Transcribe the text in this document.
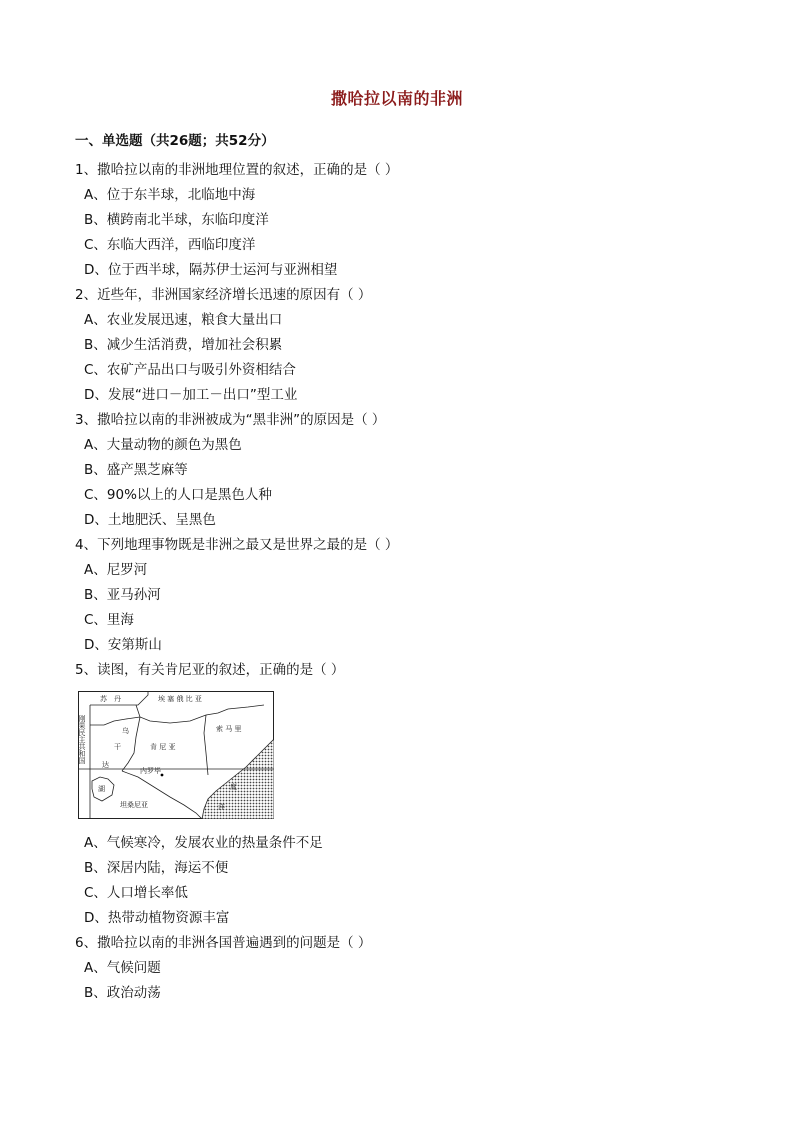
撒哈拉以南的非洲
一、单选题（共26题；共52分）
1、撒哈拉以南的非洲地理位置的叙述，正确的是（ ）
A、位于东半球，北临地中海
B、横跨南北半球，东临印度洋
C、东临大西洋，西临印度洋
D、位于西半球，隔苏伊士运河与亚洲相望
2、近些年，非洲国家经济增长迅速的原因有（ ）
A、农业发展迅速，粮食大量出口
B、减少生活消费，增加社会积累
C、农矿产品出口与吸引外资相结合
D、发展“进口－加工－出口”型工业
3、撒哈拉以南的非洲被成为“黑非洲”的原因是（ ）
A、大量动物的颜色为黑色
B、盛产黑芝麻等
C、90%以上的人口是黑色人种
D、土地肥沃、呈黑色
4、下列地理事物既是非洲之最又是世界之最的是（ ）
A、尼罗河
B、亚马孙河
C、里海
D、安第斯山
5、读图，有关肯尼亚的叙述，正确的是（ ）
苏　丹	埃 塞 俄 比 亚
乌
干
达
肯 尼 亚
索 马 里
内罗毕
坦桑尼亚
度
洋
湖
刚果民主共和国
A、气候寒冷，发展农业的热量条件不足
B、深居内陆，海运不便
C、人口增长率低
D、热带动植物资源丰富
6、撒哈拉以南的非洲各国普遍遇到的问题是（ ）
A、气候问题
B、政治动荡
